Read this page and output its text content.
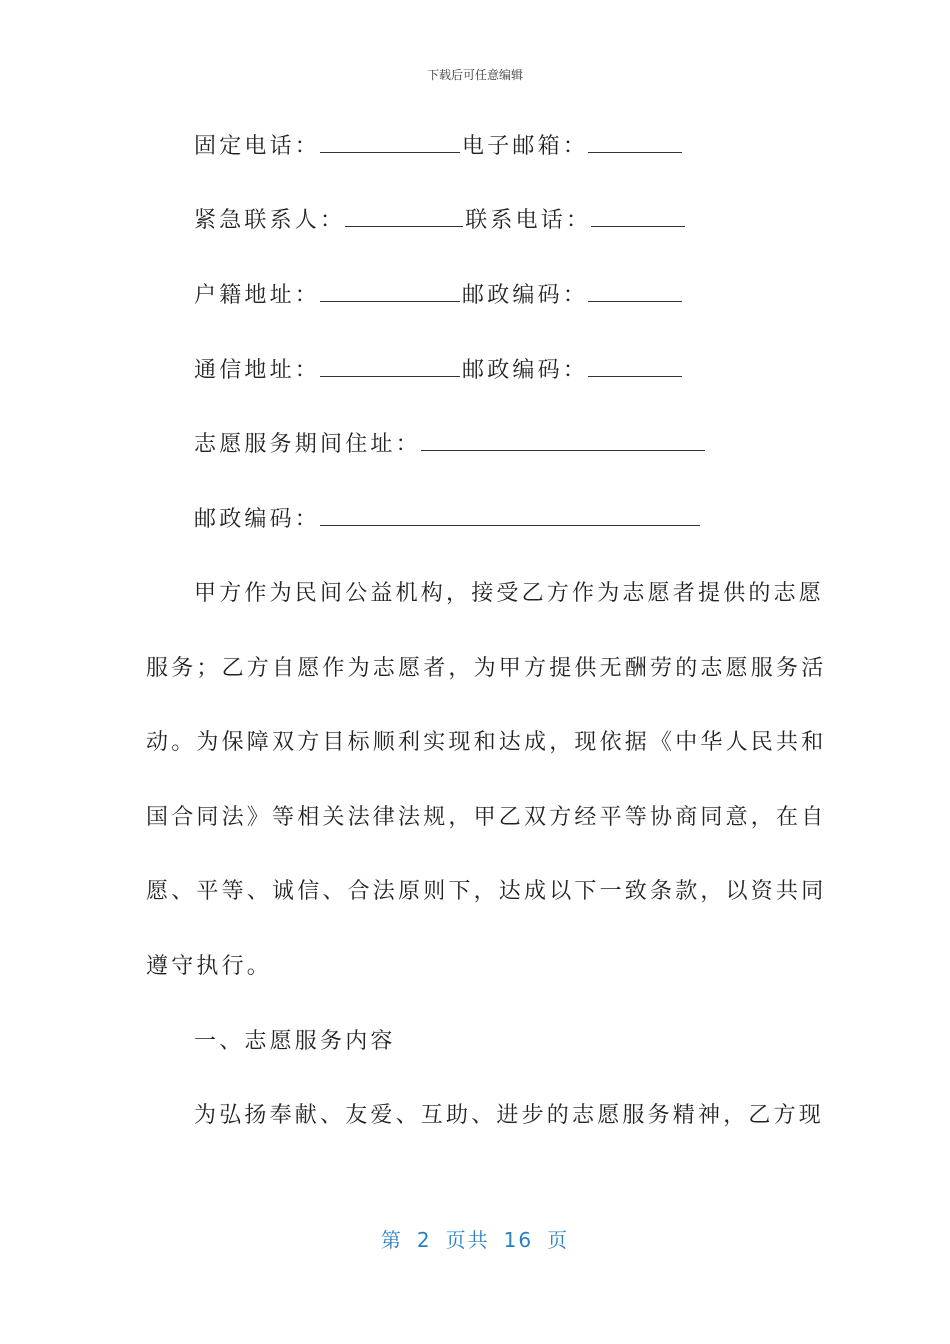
下载后可任意编辑
固定电话：	电子邮箱：
紧急联系人：	联系电话：
户籍地址：	邮政编码：
通信地址：	邮政编码：
志愿服务期间住址：
邮政编码：
甲方作为民间公益机构，接受乙方作为志愿者提供的志愿
服务；乙方自愿作为志愿者，为甲方提供无酬劳的志愿服务活
动。为保障双方目标顺利实现和达成，现依据《中华人民共和
国合同法》等相关法律法规，甲乙双方经平等协商同意，在自
愿、平等、诚信、合法原则下，达成以下一致条款，以资共同
遵守执行。
一、志愿服务内容
为弘扬奉献、友爱、互助、进步的志愿服务精神，乙方现
第 2 页共 16 页
